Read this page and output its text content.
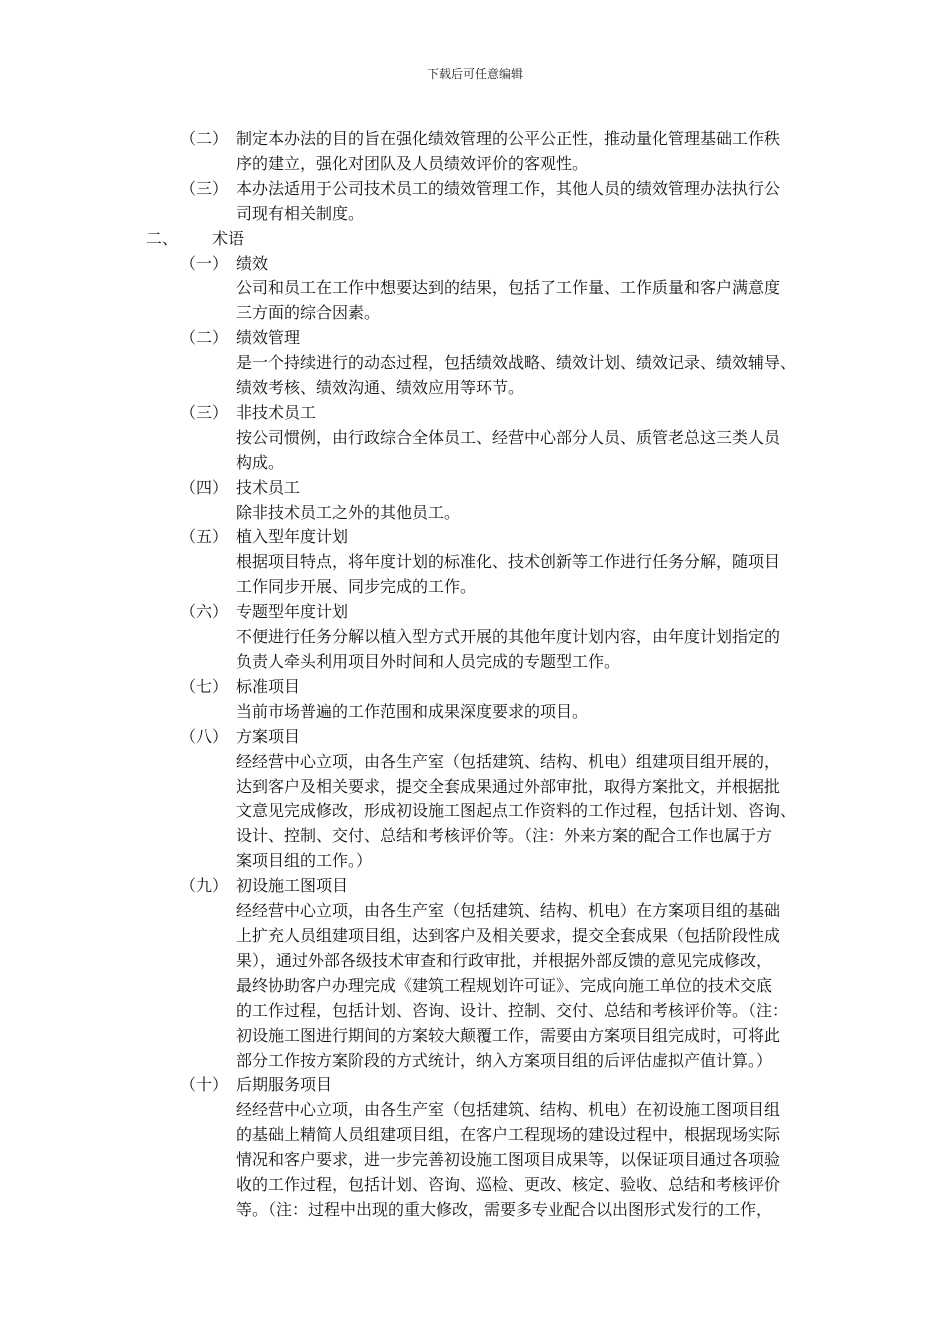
下载后可任意编辑
（二） 制定本办法的目的旨在强化绩效管理的公平公正性，推动量化管理基础工作秩
序的建立，强化对团队及人员绩效评价的客观性。
（三） 本办法适用于公司技术员工的绩效管理工作，其他人员的绩效管理办法执行公
司现有相关制度。
二、 术语
（一） 绩效
公司和员工在工作中想要达到的结果，包括了工作量、工作质量和客户满意度
三方面的综合因素。
（二） 绩效管理
是一个持续进行的动态过程，包括绩效战略、绩效计划、绩效记录、绩效辅导、
绩效考核、绩效沟通、绩效应用等环节。
（三） 非技术员工
按公司惯例，由行政综合全体员工、经营中心部分人员、质管老总这三类人员
构成。
（四） 技术员工
除非技术员工之外的其他员工。
（五） 植入型年度计划
根据项目特点，将年度计划的标准化、技术创新等工作进行任务分解，随项目
工作同步开展、同步完成的工作。
（六） 专题型年度计划
不便进行任务分解以植入型方式开展的其他年度计划内容，由年度计划指定的
负责人牵头利用项目外时间和人员完成的专题型工作。
（七） 标准项目
当前市场普遍的工作范围和成果深度要求的项目。
（八） 方案项目
经经营中心立项，由各生产室（包括建筑、结构、机电）组建项目组开展的，
达到客户及相关要求，提交全套成果通过外部审批，取得方案批文，并根据批
文意见完成修改，形成初设施工图起点工作资料的工作过程，包括计划、咨询、
设计、控制、交付、总结和考核评价等。（注：外来方案的配合工作也属于方
案项目组的工作。）
（九） 初设施工图项目
经经营中心立项，由各生产室（包括建筑、结构、机电）在方案项目组的基础
上扩充人员组建项目组，达到客户及相关要求，提交全套成果（包括阶段性成
果），通过外部各级技术审查和行政审批，并根据外部反馈的意见完成修改，
最终协助客户办理完成《建筑工程规划许可证》、完成向施工单位的技术交底
的工作过程，包括计划、咨询、设计、控制、交付、总结和考核评价等。（注：
初设施工图进行期间的方案较大颠覆工作，需要由方案项目组完成时，可将此
部分工作按方案阶段的方式统计，纳入方案项目组的后评估虚拟产值计算。）
（十） 后期服务项目
经经营中心立项，由各生产室（包括建筑、结构、机电）在初设施工图项目组
的基础上精简人员组建项目组，在客户工程现场的建设过程中，根据现场实际
情况和客户要求，进一步完善初设施工图项目成果等，以保证项目通过各项验
收的工作过程，包括计划、咨询、巡检、更改、核定、验收、总结和考核评价
等。（注：过程中出现的重大修改，需要多专业配合以出图形式发行的工作，
